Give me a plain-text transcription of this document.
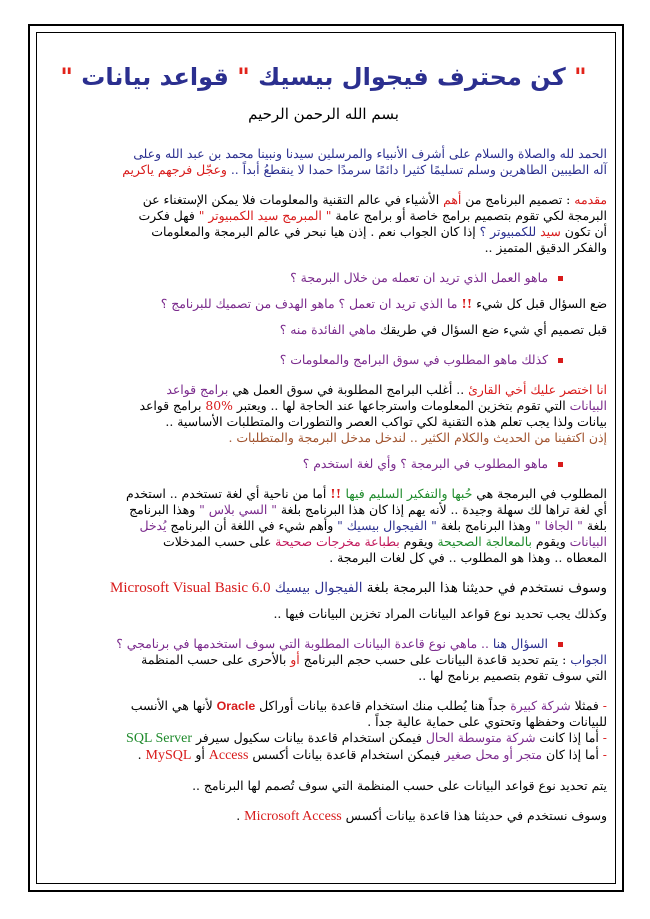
" كن محترف فيجوال بيسيك " قواعد بيانات "

بسم الله الرحمن الرحيم

الحمد لله والصلاة والسلام على أشرف الأنبياء والمرسلين سيدنا ونبينا محمد بن عبد الله وعلى

آله الطيبين الطاهرين وسلم تسليمًا كثيرا دائمًا سرمدًا حمدا لا ينقطعُ أبداً .. وعجّل فرجهم ياكريم

مقدمه : تصميم البرنامج من أهم الأشياء في عالم التقنية والمعلومات فلا يمكن الإستغناء عن

البرمجة لكي تقوم بتصميم برامج خاصة أو برامج عامة " المبرمج سيد الكمبيوتر " فهل فكرت

أن تكون سيد للكمبيوتر ؟ إذا كان الجواب نعم . إذن هيا نبحر في عالم البرمجة والمعلومات

والفكر الدقيق المتميز ..

ماهو العمل الذي تريد ان تعمله من خلال البرمجة ؟

ضع السؤال قبل كل شيء !! ما الذي تريد ان تعمل ؟ ماهو الهدف من تصميك للبرنامج ؟

قبل تصميم أي شيء ضع السؤال في طريقك ماهي الفائدة منه ؟

كذلك ماهو المطلوب في سوق البرامج والمعلومات ؟

انا اختصر عليك أخي القارئ .. أغلب البرامج المطلوبة في سوق العمل هي برامج قواعد

البيانات التي تقوم بتخزين المعلومات واسترجاعها عند الحاجة لها .. ويعتبر 80% برامج قواعد

بيانات ولذا يجب تعلم هذه التقنية لكي تواكب العصر والتطورات والمتطلبات الأساسية ..

إذن اكتفينا من الحديث والكلام الكثير .. لندخل مدخل البرمجة والمتطلبات .

ماهو المطلوب في البرمجة ؟ وأي لغة استخدم ؟

المطلوب في البرمجة هي حُبها والتفكير السليم فيها !! أما من ناحية أي لغة تستخدم .. استخدم

أي لغة تراها لك سهلة وجيدة .. لأنه يهم إذا كان هذا البرنامج بلغة " السي بلاس " وهذا البرنامج

بلغة " الجافا " وهذا البرنامج بلغة " الفيجوال بيسيك " وأهم شيء في اللغة أن البرنامج يُدخل

البيانات ويقوم بالمعالجة الصحيحة ويقوم بطباعة مخرجات صحيحة على حسب المدخلات

المعطاه .. وهذا هو المطلوب .. في كل لغات البرمجة .

وسوف نستخدم في حديثنا هذا البرمجة بلغة الفيجوال بيسيك Microsoft Visual Basic 6.0

وكذلك يجب تحديد نوع قواعد البيانات المراد تخزين البيانات فيها ..

السؤال هنا .. ماهي نوع قاعدة البيانات المطلوبة التي سوف استخدمها في برنامجي ؟

الجواب : يتم تحديد قاعدة البيانات على حسب حجم البرنامج أو بالأحرى على حسب المنظمة

التي سوف تقوم بتصميم برنامج لها ..

- فمثلا شركة كبيرة جداً هنا يُطلب منك استخدام قاعدة بيانات أوراكل Oracle لأنها هي الأنسب

للبيانات وحفظها وتحتوي على حماية عالية جداً .

- أما إذا كانت شركة متوسطة الحال فيمكن استخدام قاعدة بيانات سكيول سيرفر SQL Server

- أما إذا كان متجر أو محل صغير فيمكن استخدام قاعدة بيانات أكسس Access أو MySQL .

يتم تحديد نوع قواعد البيانات على حسب المنظمة التي سوف تُصمم لها البرنامج ..

وسوف نستخدم في حديثنا هذا قاعدة بيانات أكسس Microsoft Access .
